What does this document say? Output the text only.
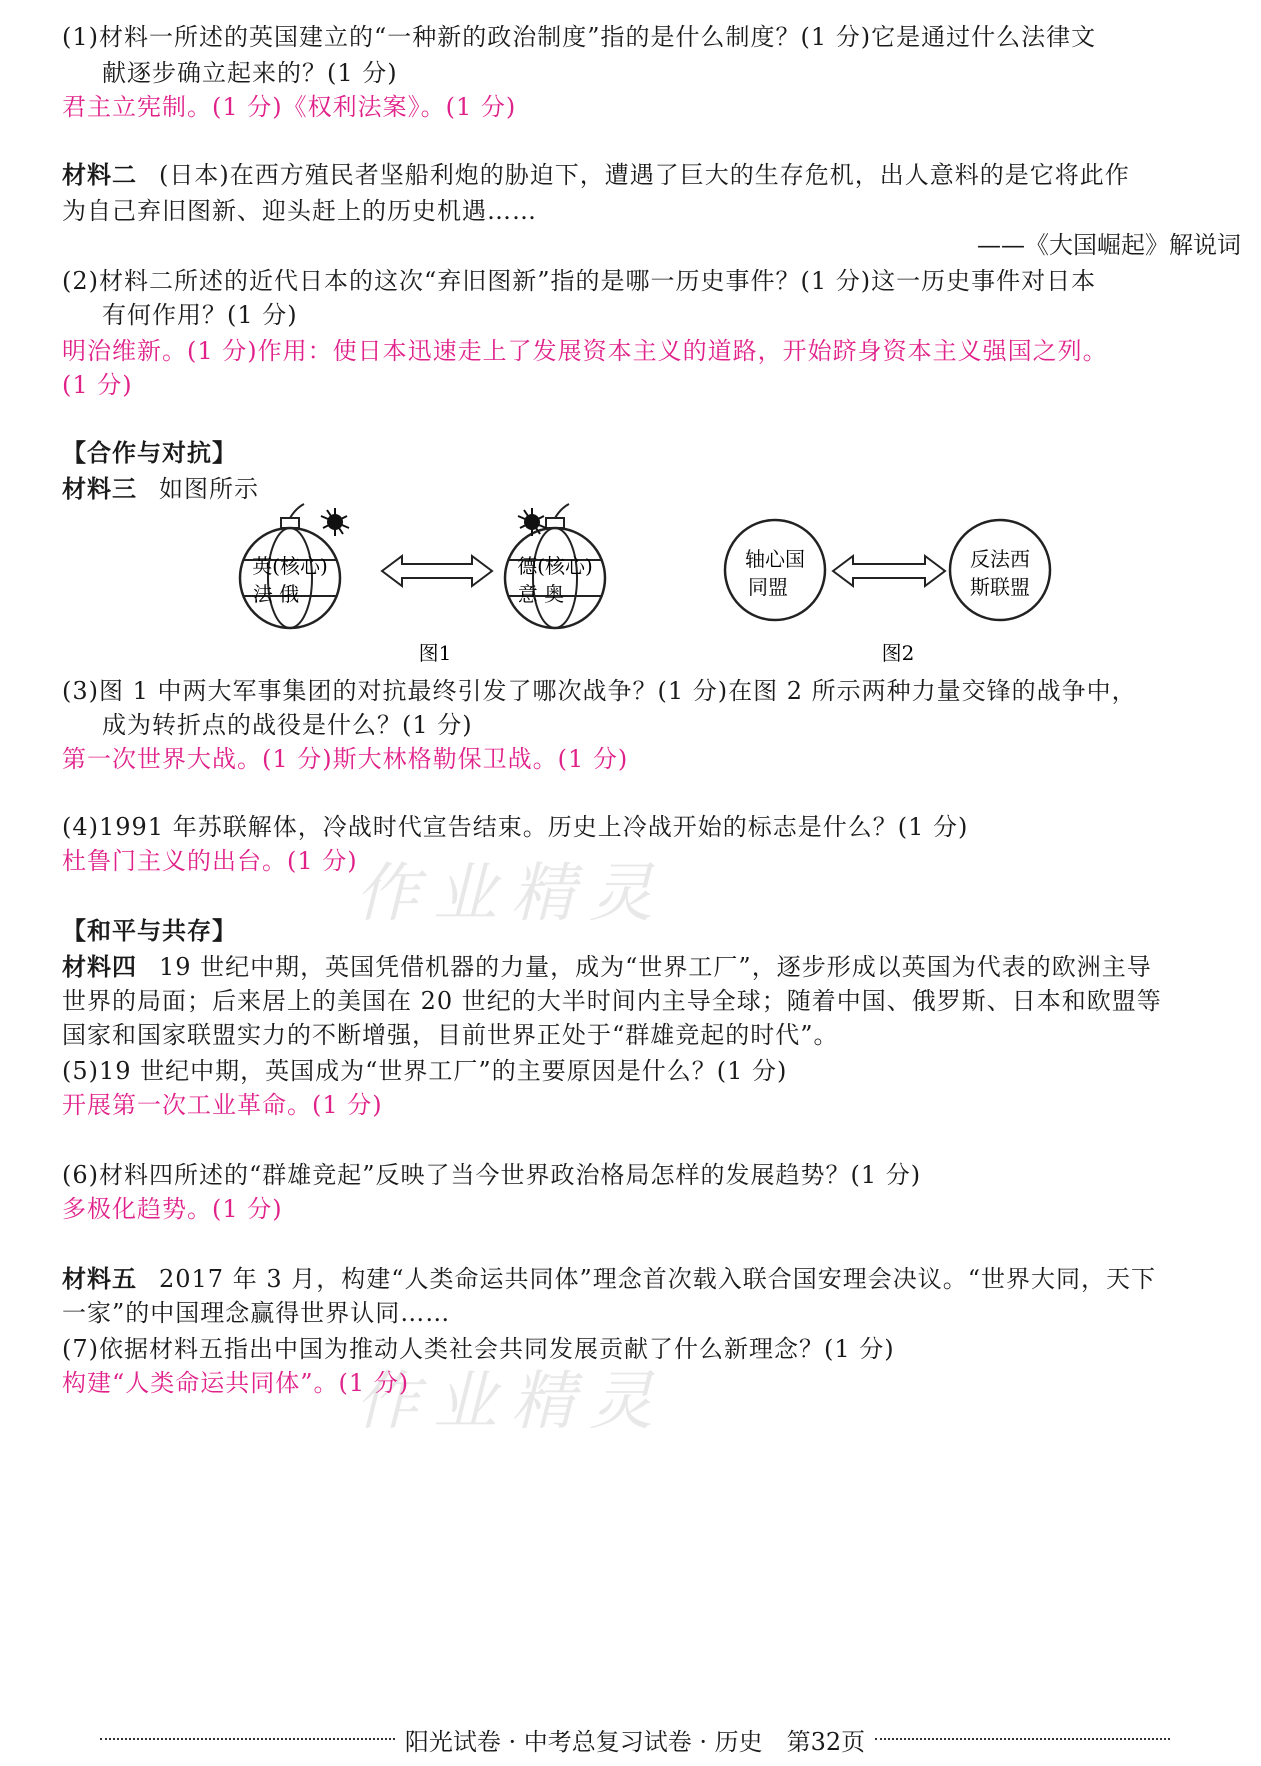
作业精灵
作业精灵
(1)材料一所述的英国建立的“一种新的政治制度”指的是什么制度？(1 分)它是通过什么法律文
献逐步确立起来的？(1 分)
君主立宪制。(1 分)《权利法案》。(1 分)
材料二 (日本)在西方殖民者坚船利炮的胁迫下，遭遇了巨大的生存危机，出人意料的是它将此作
为自己弃旧图新、迎头赶上的历史机遇……
——《大国崛起》解说词
(2)材料二所述的近代日本的这次“弃旧图新”指的是哪一历史事件？(1 分)这一历史事件对日本
有何作用？(1 分)
明治维新。(1 分)作用：使日本迅速走上了发展资本主义的道路，开始跻身资本主义强国之列。
(1 分)
【合作与对抗】
材料三 如图所示
英(核心)
法 俄
德(核心)
意 奥
图1
轴心国
同盟
反法西
斯联盟
图2
(3)图 1 中两大军事集团的对抗最终引发了哪次战争？(1 分)在图 2 所示两种力量交锋的战争中，
成为转折点的战役是什么？(1 分)
第一次世界大战。(1 分)斯大林格勒保卫战。(1 分)
(4)1991 年苏联解体，冷战时代宣告结束。历史上冷战开始的标志是什么？(1 分)
杜鲁门主义的出台。(1 分)
【和平与共存】
材料四 19 世纪中期，英国凭借机器的力量，成为“世界工厂”，逐步形成以英国为代表的欧洲主导
世界的局面；后来居上的美国在 20 世纪的大半时间内主导全球；随着中国、俄罗斯、日本和欧盟等
国家和国家联盟实力的不断增强，目前世界正处于“群雄竞起的时代”。
(5)19 世纪中期，英国成为“世界工厂”的主要原因是什么？(1 分)
开展第一次工业革命。(1 分)
(6)材料四所述的“群雄竞起”反映了当今世界政治格局怎样的发展趋势？(1 分)
多极化趋势。(1 分)
材料五 2017 年 3 月，构建“人类命运共同体”理念首次载入联合国安理会决议。“世界大同，天下
一家”的中国理念赢得世界认同……
(7)依据材料五指出中国为推动人类社会共同发展贡献了什么新理念？(1 分)
构建“人类命运共同体”。(1 分)
阳光试卷 · 中考总复习试卷 · 历史　第32页
